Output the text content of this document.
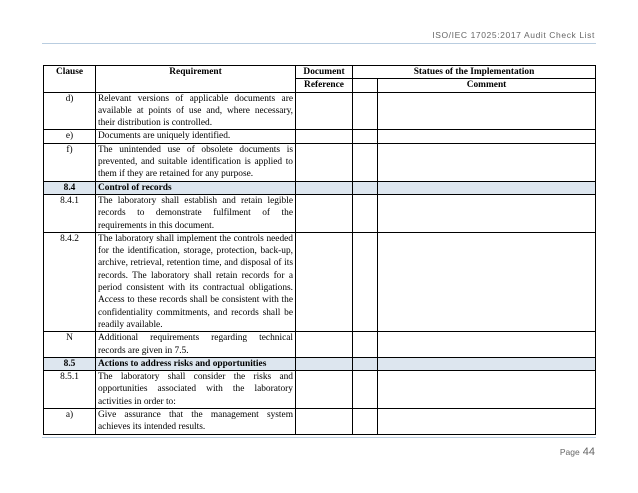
ISO/IEC 17025:2017 Audit Check List
Clause	Requirement	Document	Statues of the Implementation	
		Reference		Comment
d)	Relevant versions of applicable documents are available at points of use and, where necessary, their distribution is controlled.			
e)	Documents are uniquely identified.			
f)	The unintended use of obsolete documents is prevented, and suitable identification is applied to them if they are retained for any purpose.			
8.4	Control of records			
8.4.1	The laboratory shall establish and retain legible records to demonstrate fulfilment of the requirements in this document.			
8.4.2	The laboratory shall implement the controls needed for the identification, storage, protection, back-up, archive, retrieval, retention time, and disposal of its records. The laboratory shall retain records for a period consistent with its contractual obligations. Access to these records shall be consistent with the confidentiality commitments, and records shall be readily available.			
N	Additional requirements regarding technical records are given in 7.5.			
8.5	Actions to address risks and opportunities			
8.5.1	The laboratory shall consider the risks and opportunities associated with the laboratory activities in order to:			
a)	Give assurance that the management system achieves its intended results.			
Page 44
